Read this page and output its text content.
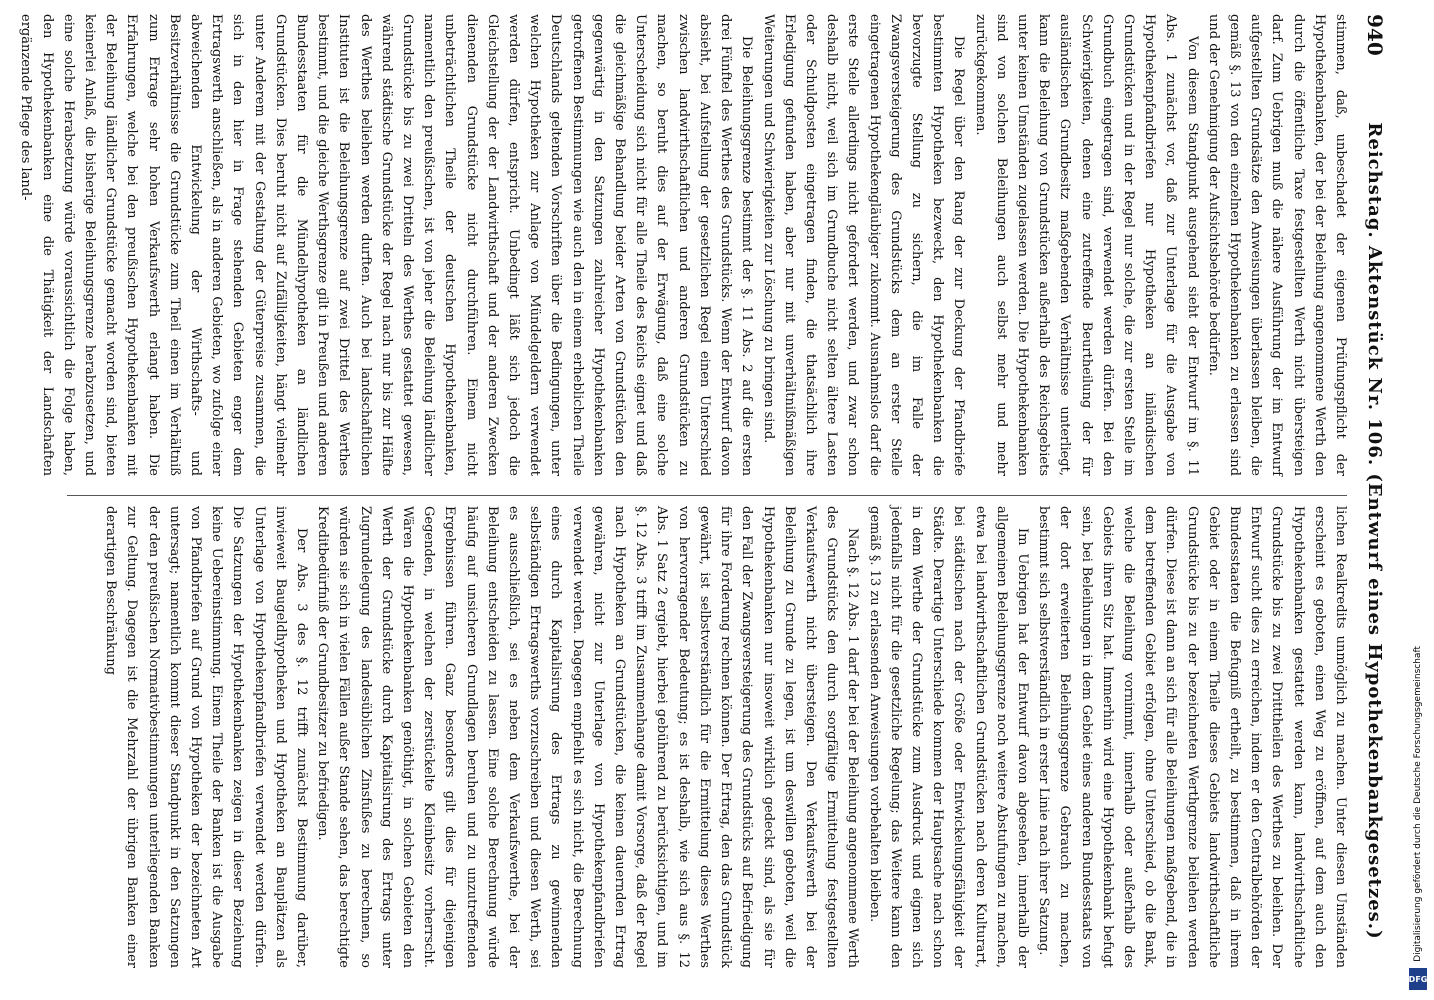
Digitalisierung gefördert durch die Deutsche Forschungsgemeinschaft
DFG
940
Reichstag. Aktenstück Nr. 106. (Entwurf eines Hypothekenbankgesetzes.)

stimmen, daß, unbeschadet der eigenen Prüfungspflicht der Hypothekenbanken, der bei der Beleihung angenommene Werth den durch die öffentliche Taxe festgestellten Werth nicht übersteigen darf. Zum Uebrigen muß die nähere Ausführung der im Entwurf aufgestellten Grundsätze den Anweisungen überlassen bleiben, die gemäß §. 13 von den einzelnen Hypothekenbanken zu erlassen sind und der Genehmigung der Aufsichtsbehörde bedürfen.

Von diesem Standpunkt ausgehend sieht der Entwurf im §. 11 Abs. 1 zunächst vor, daß zur Unterlage für die Ausgabe von Hypothekenpfandbriefen nur Hypotheken an inländischen Grundstücken und in der Regel nur solche, die zur ersten Stelle im Grundbuch eingetragen sind, verwendet werden dürfen. Bei den Schwierigkeiten, denen eine zutreffende Beurtheilung der für ausländischen Grundbesitz maßgebenden Verhältnisse unterliegt, kann die Beleihung von Grundstücken außerhalb des Reichsgebiets unter keinen Umständen zugelassen werden. Die Hypothekenbanken sind von solchen Beleihungen auch selbst mehr und mehr zurückgekommen.

Die Regel über den Rang der zur Deckung der Pfandbriefe bestimmten Hypotheken bezweckt, den Hypothekenbanken die bevorzugte Stellung zu sichern, die im Falle der Zwangsversteigerung des Grundstücks dem an erster Stelle eingetragenen Hypothekengläubiger zukommt. Ausnahmslos darf die erste Stelle allerdings nicht gefordert werden, und zwar schon deshalb nicht, weil sich im Grundbuche nicht selten ältere Lasten oder Schuldposten eingetragen finden, die thatsächlich ihre Erledigung gefunden haben, aber nur mit unverhältnißmäßigen Weiterungen und Schwierigkeiten zur Löschung zu bringen sind.

Die Beleihungsgrenze bestimmt der §. 11 Abs. 2 auf die ersten drei Fünftel des Werthes des Grundstücks. Wenn der Entwurf davon absieht, bei Aufstellung der gesetzlichen Regel einen Unterschied zwischen landwirthschaftlichen und anderen Grundstücken zu machen, so beruht dies auf der Erwägung, daß eine solche Unterscheidung sich nicht für alle Theile des Reichs eignet und daß die gleichmäßige Behandlung beider Arten von Grundstücken den gegenwärtig in den Satzungen zahlreicher Hypothekenbanken getroffenen Bestimmungen wie auch den in einem erheblichen Theile Deutschlands geltenden Vorschriften über die Bedingungen, unter welchen Hypotheken zur Anlage von Mündelgeldern verwendet werden dürfen, entspricht. Unbedingt läßt sich jedoch die Gleichstellung der der Landwirthschaft und der anderen Zwecken dienenden Grundstücke nicht durchführen. Einem nicht unbeträchtlichen Theile der deutschen Hypothekenbanken, namentlich den preußischen, ist von jeher die Beleihung ländlicher Grundstücke bis zu zwei Dritteln des Werthes gestattet gewesen, während städtische Grundstücke der Regel nach nur bis zur Hälfte des Werthes beliehen werden durften. Auch bei landschaftlichen Instituten ist die Beleihungsgrenze auf zwei Drittel des Werthes bestimmt, und die gleiche Werthsgrenze gilt in Preußen und anderen Bundesstaaten für die Mündelhypotheken an ländlichen Grundstücken. Dies beruht nicht auf Zufälligkeiten, hängt vielmehr unter Anderem mit der Gestaltung der Güterpreise zusammen, die sich in den hier in Frage stehenden Gebieten enger dem Ertragswerth anschließen, als in anderen Gebieten, wo zufolge einer abweichenden Entwickelung der Wirthschafts- und Besitzverhältnisse die Grundstücke zum Theil einen im Verhältniß zum Ertrage sehr hohen Verkaufswerth erlangt haben. Die Erfahrungen, welche bei den preußischen Hypothekenbanken mit der Beleihung ländlicher Grundstücke gemacht worden sind, bieten keinerlei Anlaß, die bisherige Beleihungsgrenze herabzusetzen, und eine solche Herabsetzung würde voraussichtlich die Folge haben, den Hypothekenbanken eine die Thätigkeit der Landschaften ergänzende Pflege des land-

lichen Realkredits unmöglich zu machen. Unter diesen Umständen erscheint es geboten, einen Weg zu eröffnen, auf dem auch den Hypothekenbanken gestattet werden kann, landwirthschaftliche Grundstücke bis zu zwei Dritttheilen des Werthes zu beleihen. Der Entwurf sucht dies zu erreichen, indem er den Centralbehörden der Bundesstaaten die Befugniß ertheilt, zu bestimmen, daß in ihrem Gebiet oder in einem Theile dieses Gebiets landwirthschaftliche Grundstücke bis zu der bezeichneten Werthgrenze beliehen werden dürfen. Diese ist dann an sich für alle Beleihungen maßgebend, die in dem betreffenden Gebiet erfolgen, ohne Unterschied, ob die Bank, welche die Beleihung vornimmt, innerhalb oder außerhalb des Gebiets ihren Sitz hat. Immerhin wird eine Hypothekenbank befugt sein, bei Beleihungen in dem Gebiet eines anderen Bundesstaats von der dort erweiterten Beleihungsgrenze Gebrauch zu machen, bestimmt sich selbstverständlich in erster Linie nach ihrer Satzung.

Im Uebrigen hat der Entwurf davon abgesehen, innerhalb der allgemeinen Beleihungsgrenze noch weitere Abstufungen zu machen, etwa bei landwirthschaftlichen Grundstücken nach deren Kulturart, bei städtischen nach der Größe oder Entwickelungsfähigkeit der Städte. Derartige Unterschiede kommen der Hauptsache nach schon in dem Werthe der Grundstücke zum Ausdruck und eignen sich jedenfalls nicht für die gesetzliche Regelung; das Weitere kann den gemäß §. 13 zu erlassenden Anweisungen vorbehalten bleiben.

Nach §. 12 Abs. 1 darf der bei der Beleihung angenommene Werth des Grundstücks den durch sorgfältige Ermittelung festgestellten Verkaufswerth nicht übersteigen. Den Verkaufswerth bei der Beleihung zu Grunde zu legen, ist um deswillen geboten, weil die Hypothekenbanken nur insoweit wirklich gedeckt sind, als sie für den Fall der Zwangsversteigerung des Grundstücks auf Befriedigung für ihre Forderung rechnen können. Der Ertrag, den das Grundstück gewährt, ist selbstverständlich für die Ermittelung dieses Werthes von hervorragender Bedeutung; es ist deshalb, wie sich aus §. 12 Abs. 1 Satz 2 ergiebt, hierbei gebührend zu berücksichtigen, und im §. 12 Abs. 3 trifft im Zusammenhange damit Vorsorge, daß der Regel nach Hypotheken an Grundstücken, die keinen dauernden Ertrag gewähren, nicht zur Unterlage von Hypothekenpfandbriefen verwendet werden. Dagegen empfiehlt es sich nicht, die Berechnung eines durch Kapitalisirung des Ertrags zu gewinnenden selbständigen Ertragswerths vorzuschreiben und diesen Werth, sei es ausschließlich, sei es neben dem Verkaufswerthe, bei der Beleihung entscheiden zu lassen. Eine solche Berechnung würde häufig auf unsicheren Grundlagen beruhen und zu unzutreffenden Ergebnissen führen. Ganz besonders gilt dies für diejenigen Gegenden, in welchen der zerstückelte Kleinbesitz vorherrscht. Wären die Hypothekenbanken genöthigt, in solchen Gebieten den Werth der Grundstücke durch Kapitalisirung des Ertrags unter Zugrundelegung des landesüblichen Zinsfußes zu berechnen, so würden sie sich in vielen Fällen außer Stande sehen, das berechtigte Kreditbedürfniß der Grundbesitzer zu befriedigen.

Der Abs. 3 des §. 12 trifft zunächst Bestimmung darüber, inwieweit Baugeldhypotheken und Hypotheken an Bauplätzen als Unterlage von Hypothekenpfandbriefen verwendet werden dürfen. Die Satzungen der Hypothekenbanken zeigen in dieser Beziehung keine Uebereinstimmung. Einem Theile der Banken ist die Ausgabe von Pfandbriefen auf Grund von Hypotheken der bezeichneten Art untersagt; namentlich kommt dieser Standpunkt in den Satzungen der den preußischen Normativbestimmungen unterliegenden Banken zur Geltung. Dagegen ist die Mehrzahl der übrigen Banken einer derartigen Beschränkung
